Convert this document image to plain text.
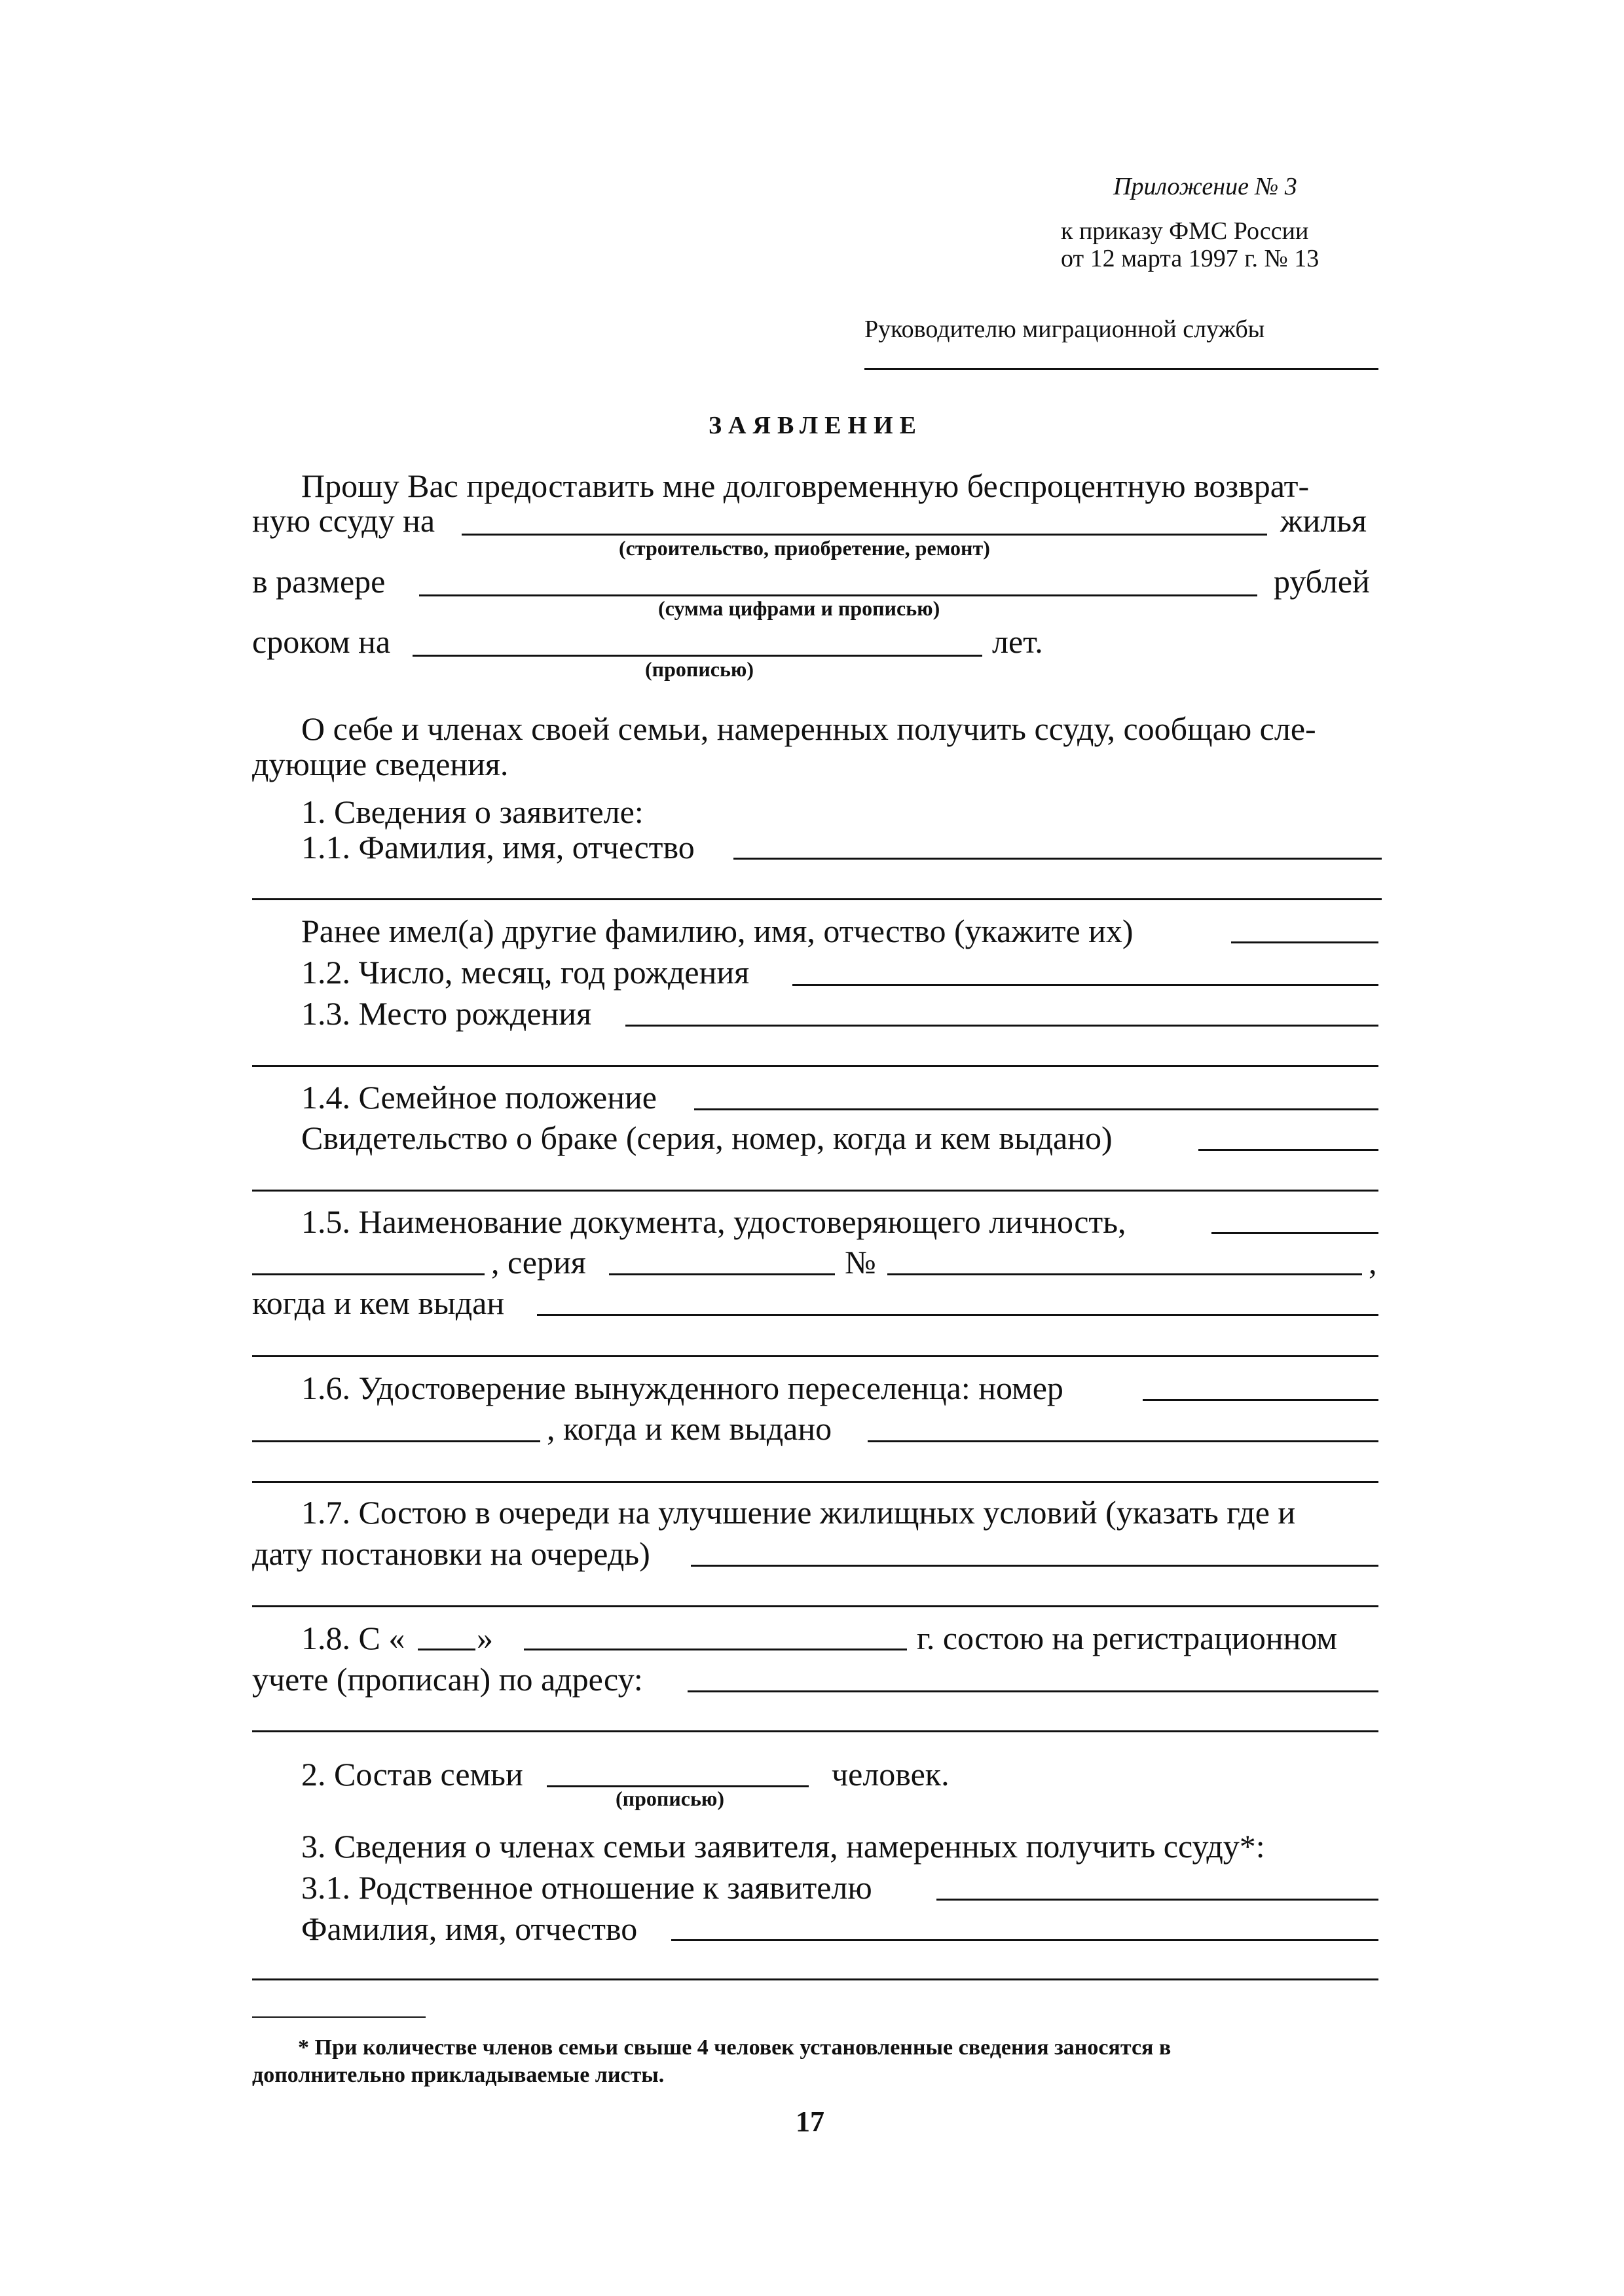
Приложение № 3
к приказу ФМС России
от 12 марта 1997 г. № 13
Руководителю миграционной службы
ЗАЯВЛЕНИЕ
Прошу Вас предоставить мне долговременную беспроцентную возврат-
ную ссуду на	жилья
(строительство, приобретение, ремонт)
в размере	рублей
(сумма цифрами и прописью)
сроком на	лет.
(прописью)
О себе и членах своей семьи, намеренных получить ссуду, сообщаю сле-
дующие сведения.
1. Сведения о заявителе:
1.1. Фамилия, имя, отчество
Ранее имел(а) другие фамилию, имя, отчество (укажите их)
1.2. Число, месяц, год рождения
1.3. Место рождения
1.4. Семейное положение
Свидетельство о браке (серия, номер, когда и кем выдано)
1.5. Наименование документа, удостоверяющего личность,
, серия	№	,
когда и кем выдан
1.6. Удостоверение вынужденного переселенца: номер
, когда и кем выдано
1.7. Состою в очереди на улучшение жилищных условий (указать где и
дату постановки на очередь)
1.8. С « »	г. состою на регистрационном
учете (прописан) по адресу:
2. Состав семьи	человек.
(прописью)
3. Сведения о членах семьи заявителя, намеренных получить ссуду*:
3.1. Родственное отношение к заявителю
Фамилия, имя, отчество
* При количестве членов семьи свыше 4 человек установленные сведения заносятся в
дополнительно прикладываемые листы.
17
